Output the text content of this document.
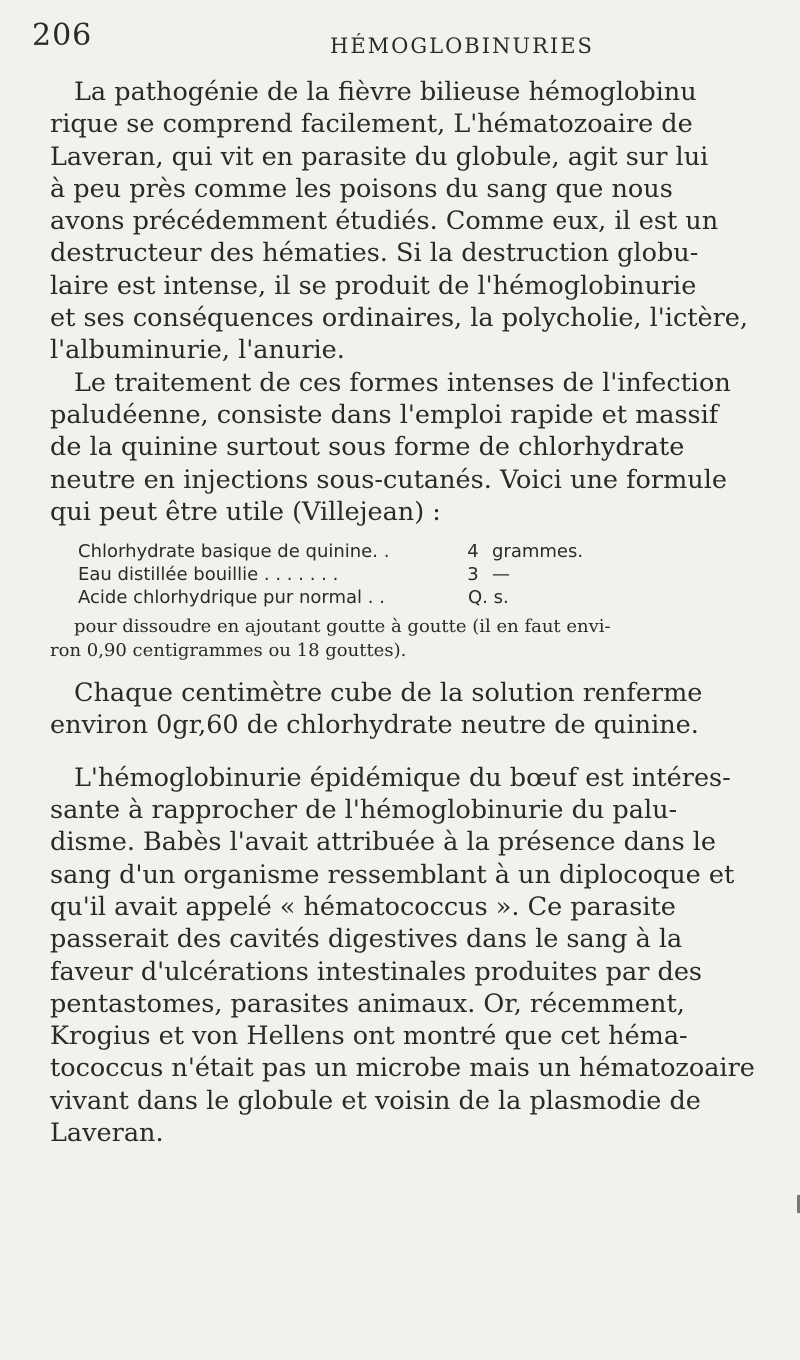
206	HÉMOGLOBINURIES

La pathogénie de la fièvre bilieuse hémoglobinu
rique se comprend facilement, L'hématozoaire de
Laveran, qui vit en parasite du globule, agit sur lui
à peu près comme les poisons du sang que nous
avons précédemment étudiés. Comme eux, il est un
destructeur des hématies. Si la destruction globu-
laire est intense, il se produit de l'hémoglobinurie
et ses conséquences ordinaires, la polycholie, l'ictère,
l'albuminurie, l'anurie.

Le traitement de ces formes intenses de l'infection
paludéenne, consiste dans l'emploi rapide et massif
de la quinine surtout sous forme de chlorhydrate
neutre en injections sous-cutanés. Voici une formule
qui peut être utile (Villejean) :

Chlorhydrate basique de quinine. .	4 grammes.
Eau distillée bouillie . . . . . . .	3 —
Acide chlorhydrique pur normal . .	Q. s.
pour dissoudre en ajoutant goutte à goutte (il en faut envi-
ron 0,90 centigrammes ou 18 gouttes).

Chaque centimètre cube de la solution renferme
environ 0gr,60 de chlorhydrate neutre de quinine.

L'hémoglobinurie épidémique du bœuf est intéres-
sante à rapprocher de l'hémoglobinurie du palu-
disme. Babès l'avait attribuée à la présence dans le
sang d'un organisme ressemblant à un diplocoque et
qu'il avait appelé « hématococcus ». Ce parasite
passerait des cavités digestives dans le sang à la
faveur d'ulcérations intestinales produites par des
pentastomes, parasites animaux. Or, récemment,
Krogius et von Hellens ont montré que cet héma-
tococcus n'était pas un microbe mais un hématozoaire
vivant dans le globule et voisin de la plasmodie de
Laveran.
